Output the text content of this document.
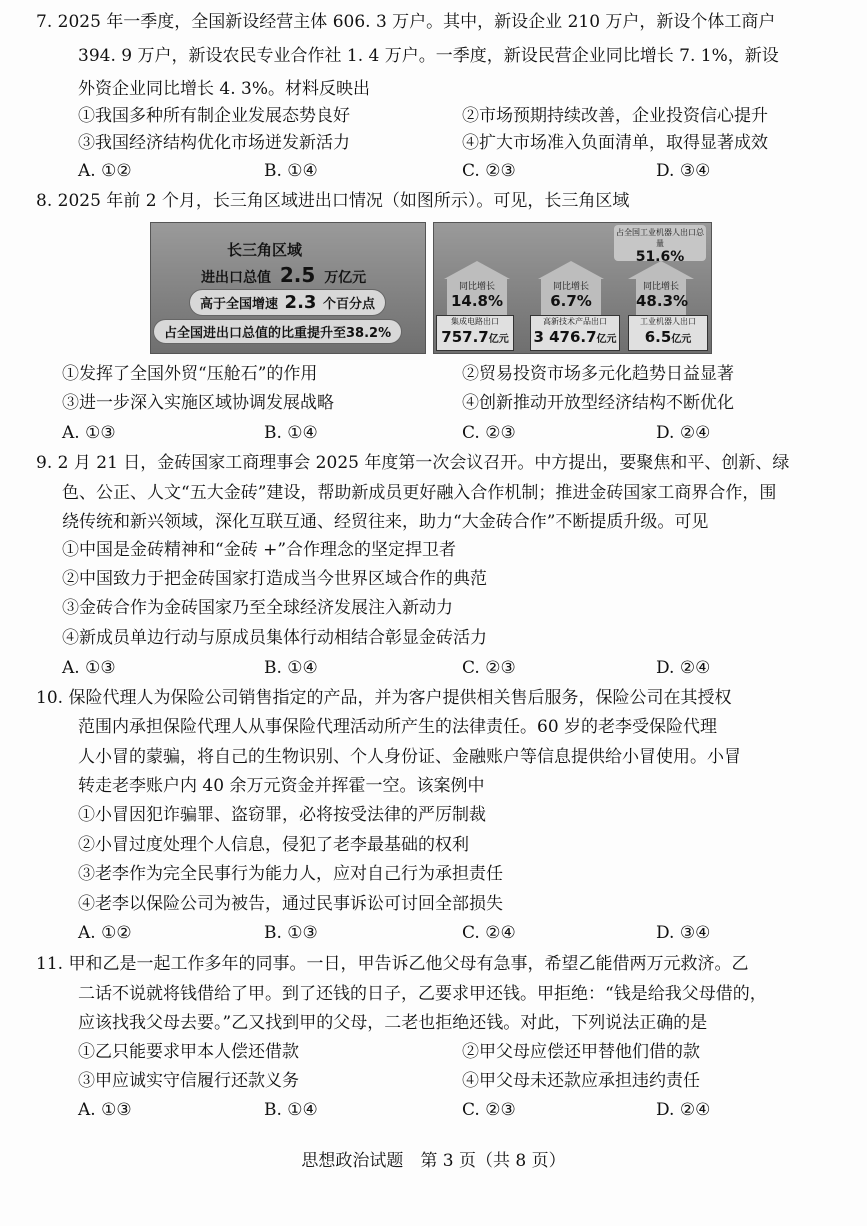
7. 2025 年一季度，全国新设经营主体 606. 3 万户。其中，新设企业 210 万户，新设个体工商户
394. 9 万户，新设农民专业合作社 1. 4 万户。一季度，新设民营企业同比增长 7. 1%，新设
外资企业同比增长 4. 3%。材料反映出
①我国多种所有制企业发展态势良好	②市场预期持续改善，企业投资信心提升
③我国经济结构优化市场迸发新活力	④扩大市场准入负面清单，取得显著成效
A. ①②	B. ①④	C. ②③	D. ③④
8. 2025 年前 2 个月，长三角区域进出口情况（如图所示）。可见，长三角区域
长三角区域
进出口总值 2.5 万亿元
高于全国增速 2.3 个百分点
占全国进出口总值的比重提升至38.2%
占全国工业机器人出口总量
51.6%
同比增长
14.8%
同比增长
6.7%
同比增长
48.3%
集成电路出口
757.7亿元
高新技术产品出口
3 476.7亿元
工业机器人出口
6.5亿元
①发挥了全国外贸“压舱石”的作用	②贸易投资市场多元化趋势日益显著
③进一步深入实施区域协调发展战略	④创新推动开放型经济结构不断优化
A. ①③	B. ①④	C. ②③	D. ②④
9. 2 月 21 日，金砖国家工商理事会 2025 年度第一次会议召开。中方提出，要聚焦和平、创新、绿
色、公正、人文“五大金砖”建设，帮助新成员更好融入合作机制；推进金砖国家工商界合作，围
绕传统和新兴领域，深化互联互通、经贸往来，助力“大金砖合作”不断提质升级。可见
①中国是金砖精神和“金砖 +”合作理念的坚定捍卫者
②中国致力于把金砖国家打造成当今世界区域合作的典范
③金砖合作为金砖国家乃至全球经济发展注入新动力
④新成员单边行动与原成员集体行动相结合彰显金砖活力
A. ①③	B. ①④	C. ②③	D. ②④
10. 保险代理人为保险公司销售指定的产品，并为客户提供相关售后服务，保险公司在其授权
范围内承担保险代理人从事保险代理活动所产生的法律责任。60 岁的老李受保险代理
人小冒的蒙骗，将自己的生物识别、个人身份证、金融账户等信息提供给小冒使用。小冒
转走老李账户内 40 余万元资金并挥霍一空。该案例中
①小冒因犯诈骗罪、盗窃罪，必将按受法律的严厉制裁
②小冒过度处理个人信息，侵犯了老李最基础的权利
③老李作为完全民事行为能力人，应对自己行为承担责任
④老李以保险公司为被告，通过民事诉讼可讨回全部损失
A. ①②	B. ①③	C. ②④	D. ③④
11. 甲和乙是一起工作多年的同事。一日，甲告诉乙他父母有急事，希望乙能借两万元救济。乙
二话不说就将钱借给了甲。到了还钱的日子，乙要求甲还钱。甲拒绝：“钱是给我父母借的，
应该找我父母去要。”乙又找到甲的父母，二老也拒绝还钱。对此，下列说法正确的是
①乙只能要求甲本人偿还借款	②甲父母应偿还甲替他们借的款
③甲应诚实守信履行还款义务	④甲父母未还款应承担违约责任
A. ①③	B. ①④	C. ②③	D. ②④
思想政治试题　第 3 页（共 8 页）
